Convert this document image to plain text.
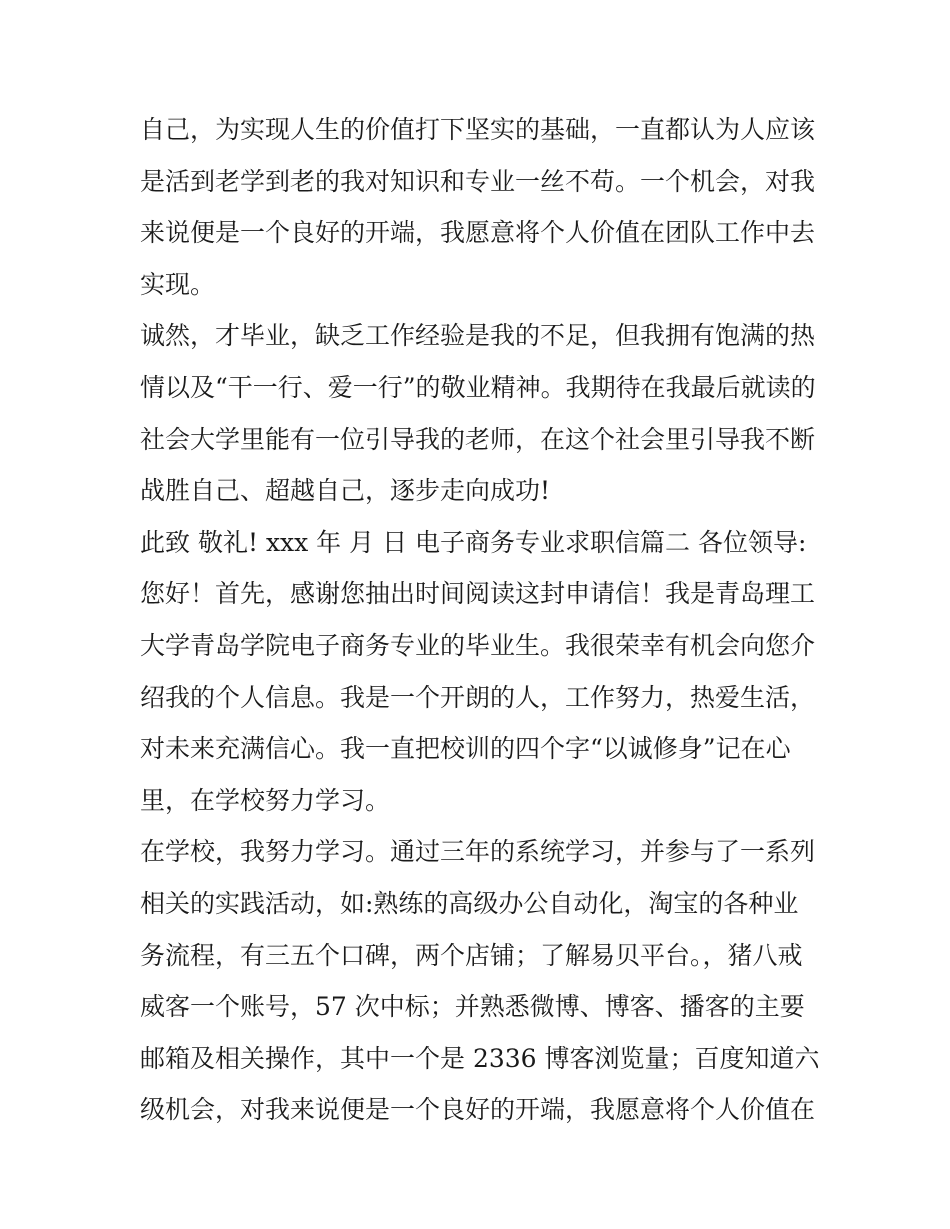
自己，为实现人生的价值打下坚实的基础，一直都认为人应该
是活到老学到老的我对知识和专业一丝不苟。一个机会，对我
来说便是一个良好的开端，我愿意将个人价值在团队工作中去
实现。
诚然，才毕业，缺乏工作经验是我的不足，但我拥有饱满的热
情以及“干一行、爱一行”的敬业精神。我期待在我最后就读的
社会大学里能有一位引导我的老师，在这个社会里引导我不断
战胜自己、超越自己，逐步走向成功!
此致 敬礼! xxx 年 月 日 电子商务专业求职信篇二 各位领导:
您好！首先，感谢您抽出时间阅读这封申请信！我是青岛理工
大学青岛学院电子商务专业的毕业生。我很荣幸有机会向您介
绍我的个人信息。我是一个开朗的人，工作努力，热爱生活，
对未来充满信心。我一直把校训的四个字“以诚修身”记在心
里，在学校努力学习。
在学校，我努力学习。通过三年的系统学习，并参与了一系列
相关的实践活动，如:熟练的高级办公自动化，淘宝的各种业
务流程，有三五个口碑，两个店铺；了解易贝平台。，猪八戒
威客一个账号，57 次中标；并熟悉微博、博客、播客的主要
邮箱及相关操作，其中一个是 2336 博客浏览量；百度知道六
级机会，对我来说便是一个良好的开端，我愿意将个人价值在
